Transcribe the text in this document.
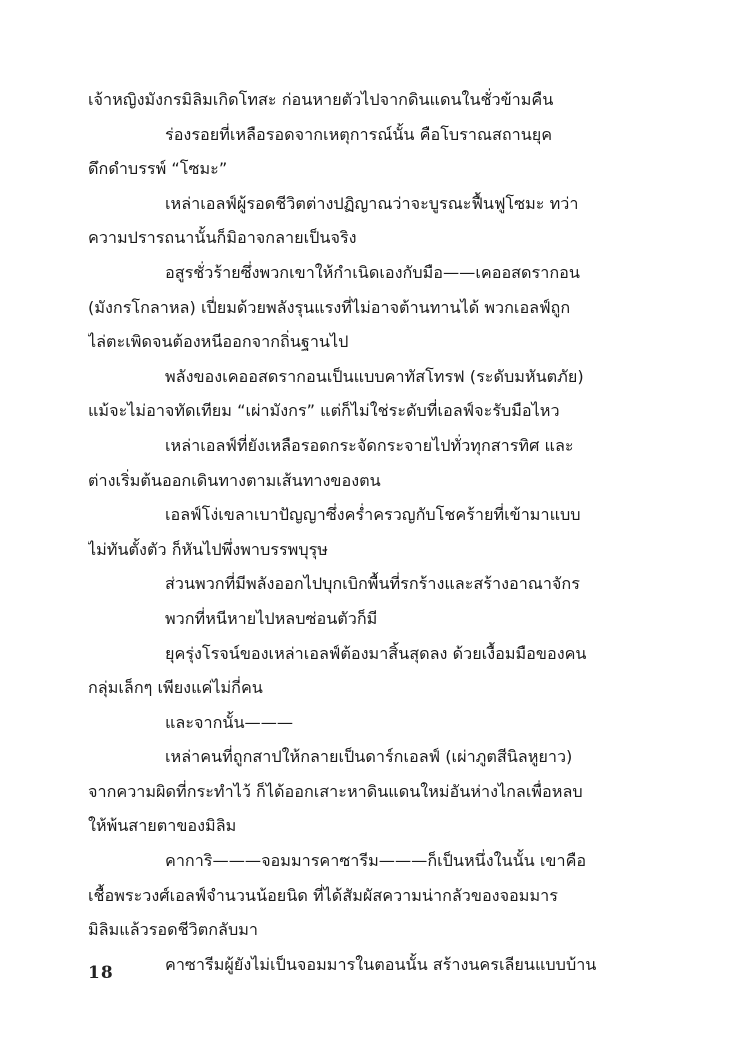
เจ้าหญิงมังกรมิลิมเกิดโทสะ ก่อนหายตัวไปจากดินแดนในชั่วข้ามคืน
ร่องรอยที่เหลือรอดจากเหตุการณ์นั้น คือโบราณสถานยุค
ดึกดำบรรพ์ “โซมะ”
เหล่าเอลฟ์ผู้รอดชีวิตต่างปฏิญาณว่าจะบูรณะฟื้นฟูโซมะ ทว่า
ความปรารถนานั้นก็มิอาจกลายเป็นจริง
อสูรชั่วร้ายซึ่งพวกเขาให้กำเนิดเองกับมือ——เคออสดรากอน
(มังกรโกลาหล) เปี่ยมด้วยพลังรุนแรงที่ไม่อาจต้านทานได้ พวกเอลฟ์ถูก
ไล่ตะเพิดจนต้องหนีออกจากถิ่นฐานไป
พลังของเคออสดรากอนเป็นแบบคาทัสโทรฟ (ระดับมหันตภัย)
แม้จะไม่อาจทัดเทียม “เผ่ามังกร” แต่ก็ไม่ใช่ระดับที่เอลฟ์จะรับมือไหว
เหล่าเอลฟ์ที่ยังเหลือรอดกระจัดกระจายไปทั่วทุกสารทิศ และ
ต่างเริ่มต้นออกเดินทางตามเส้นทางของตน
เอลฟ์โง่เขลาเบาปัญญาซึ่งคร่ำครวญกับโชคร้ายที่เข้ามาแบบ
ไม่ทันตั้งตัว ก็หันไปพึ่งพาบรรพบุรุษ
ส่วนพวกที่มีพลังออกไปบุกเบิกพื้นที่รกร้างและสร้างอาณาจักร
พวกที่หนีหายไปหลบซ่อนตัวก็มี
ยุครุ่งโรจน์ของเหล่าเอลฟ์ต้องมาสิ้นสุดลง ด้วยเงื้อมมือของคน
กลุ่มเล็กๆ เพียงแค่ไม่กี่คน
และจากนั้น———
เหล่าคนที่ถูกสาปให้กลายเป็นดาร์กเอลฟ์ (เผ่าภูตสีนิลหูยาว)
จากความผิดที่กระทำไว้ ก็ได้ออกเสาะหาดินแดนใหม่อันห่างไกลเพื่อหลบ
ให้พ้นสายตาของมิลิม
คาการิ———จอมมารคาซารีม———ก็เป็นหนึ่งในนั้น เขาคือ
เชื้อพระวงศ์เอลฟ์จำนวนน้อยนิด ที่ได้สัมผัสความน่ากลัวของจอมมาร
มิลิมแล้วรอดชีวิตกลับมา
คาซารีมผู้ยังไม่เป็นจอมมารในตอนนั้น สร้างนครเลียนแบบบ้าน
18
